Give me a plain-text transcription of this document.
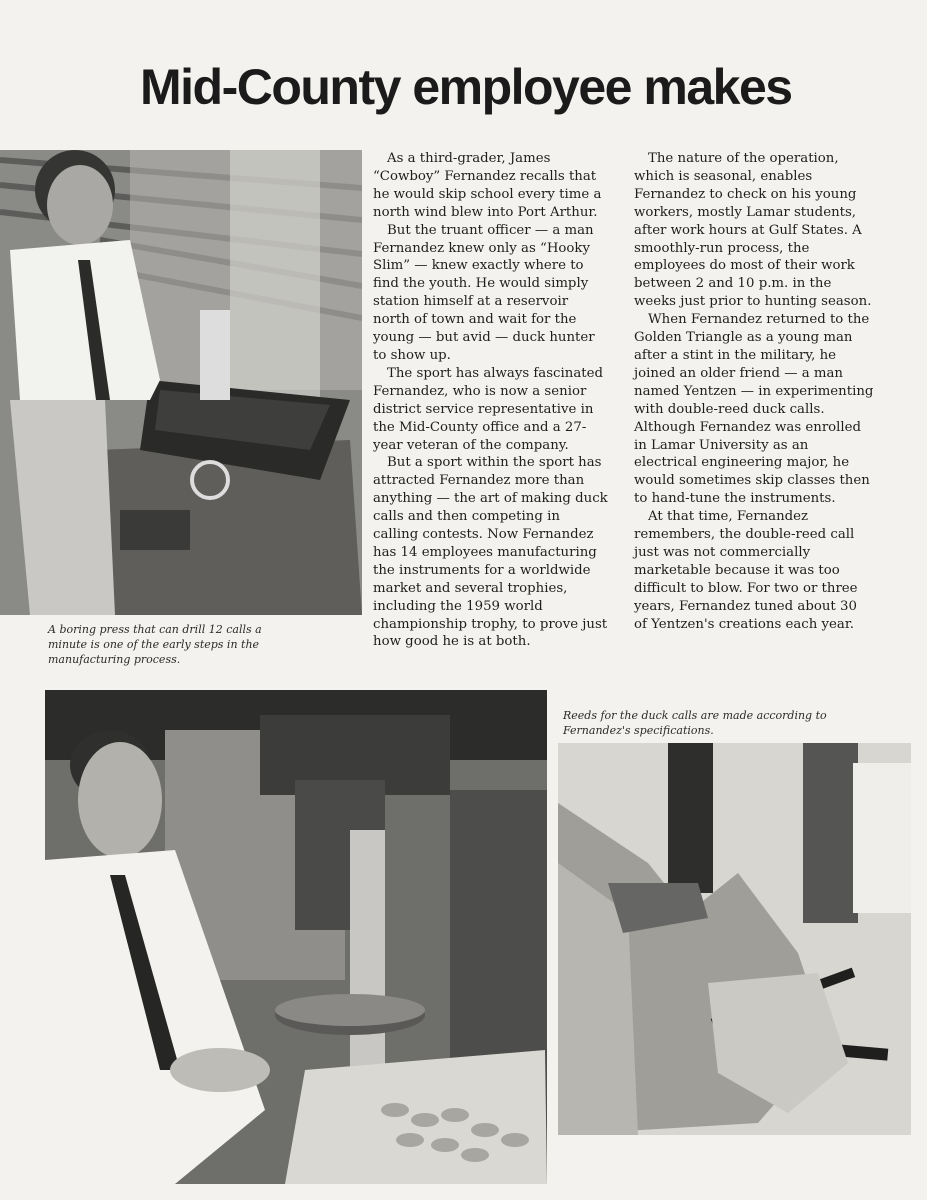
Mid-County employee makes

A boring press that can drill 12 calls a minute is one of the early steps in the manufacturing process.

As a third-grader, James “Cowboy” Fernandez recalls that he would skip school every time a north wind blew into Port Arthur.

But the truant officer — a man Fernandez knew only as “Hooky Slim” — knew exactly where to find the youth. He would simply station himself at a reservoir north of town and wait for the young — but avid — duck hunter to show up.

The sport has always fascinated Fernandez, who is now a senior district service representative in the Mid-County office and a 27-year veteran of the company.

But a sport within the sport has attracted Fernandez more than anything — the art of making duck calls and then competing in calling contests. Now Fernandez has 14 employees manufacturing the instruments for a worldwide market and several trophies, including the 1959 world championship trophy, to prove just how good he is at both.

The nature of the operation, which is seasonal, enables Fernandez to check on his young workers, mostly Lamar students, after work hours at Gulf States. A smoothly-run process, the employees do most of their work between 2 and 10 p.m. in the weeks just prior to hunting season.

When Fernandez returned to the Golden Triangle as a young man after a stint in the military, he joined an older friend — a man named Yentzen — in experimenting with double-reed duck calls. Although Fernandez was enrolled in Lamar University as an electrical engineering major, he would sometimes skip classes then to hand-tune the instruments.

At that time, Fernandez remembers, the double-reed call just was not commercially marketable because it was too difficult to blow. For two or three years, Fernandez tuned about 30 of Yentzen's creations each year.

Reeds for the duck calls are made according to Fernandez's specifications.
